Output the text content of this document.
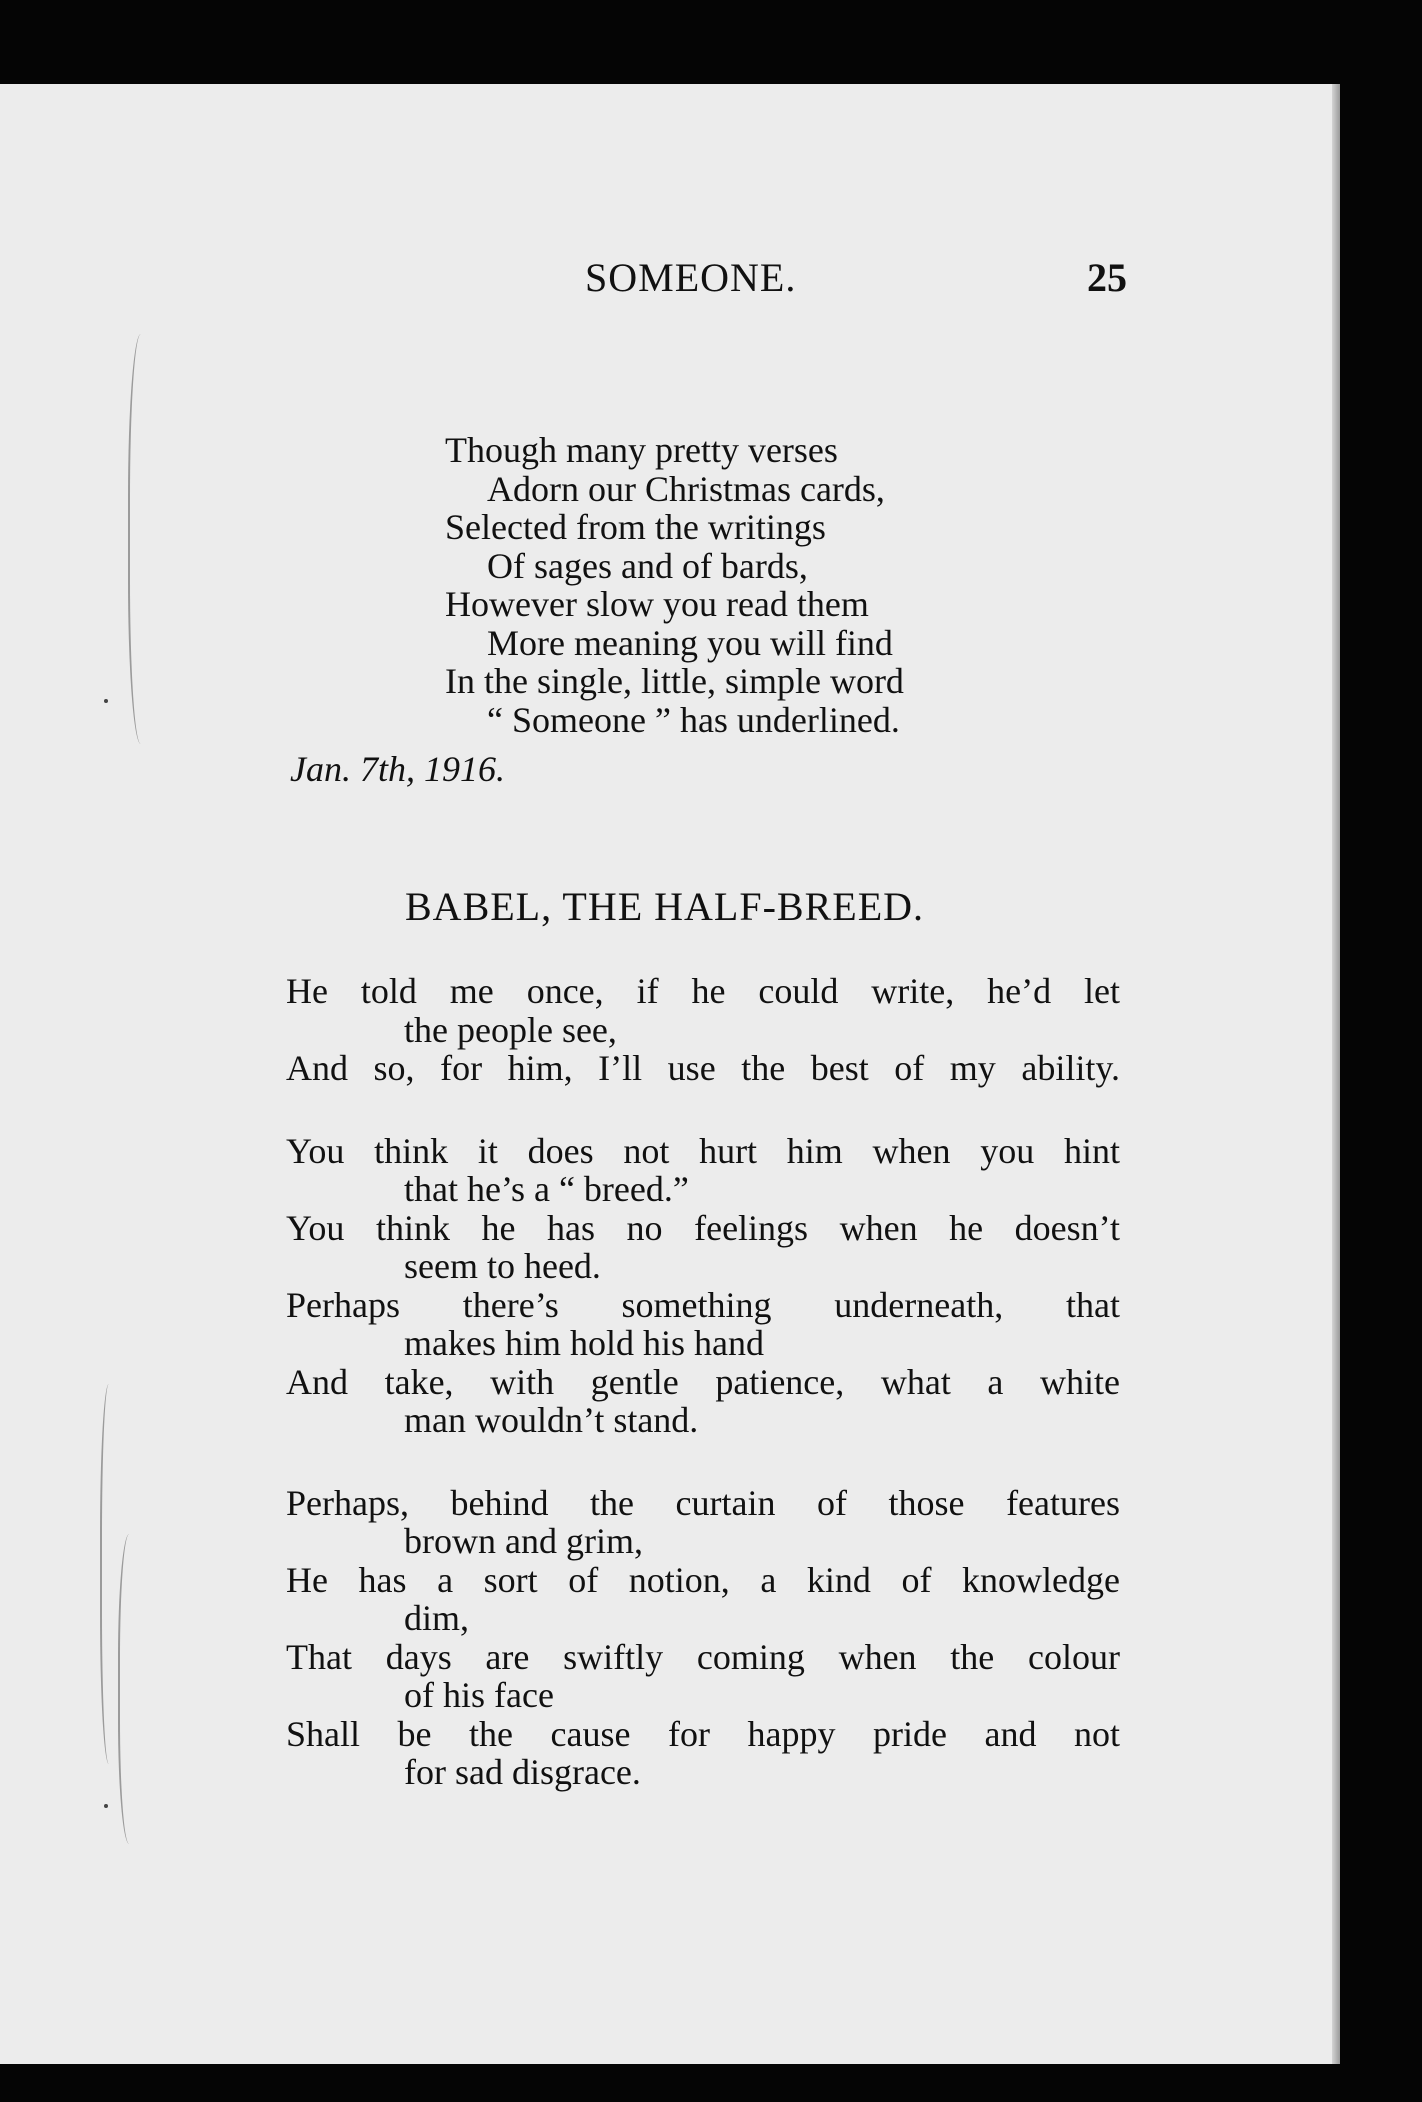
SOMEONE.	25
Though many pretty verses
Adorn our Christmas cards,
Selected from the writings
Of sages and of bards,
However slow you read them
More meaning you will find
In the single, little, simple word
“ Someone ” has underlined.
Jan. 7th, 1916.
BABEL, THE HALF-BREED.
He told me once, if he could write, he’d let
the people see,
And so, for him, I’ll use the best of my ability.
You think it does not hurt him when you hint
that he’s a “ breed.”
You think he has no feelings when he doesn’t
seem to heed.
Perhaps there’s something underneath, that
makes him hold his hand
And take, with gentle patience, what a white
man wouldn’t stand.
Perhaps, behind the curtain of those features
brown and grim,
He has a sort of notion, a kind of knowledge
dim,
That days are swiftly coming when the colour
of his face
Shall be the cause for happy pride and not
for sad disgrace.
